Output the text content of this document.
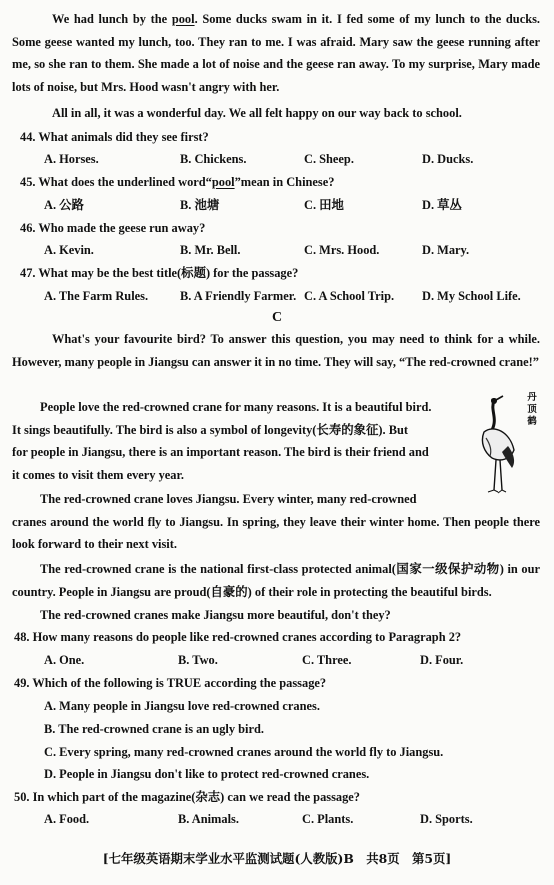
We had lunch by the pool. Some ducks swam in it. I fed some of my lunch to the ducks. Some geese wanted my lunch, too. They ran to me. I was afraid. Mary saw the geese running after me, so she ran to them. She made a lot of noise and the geese ran away. To my surprise, Mary made lots of noise, but Mrs. Hood wasn't angry with her.
All in all, it was a wonderful day. We all felt happy on our way back to school.
44. What animals did they see first?
A. Horses.	B. Chickens.	C. Sheep.	D. Ducks.
45. What does the underlined word“pool”mean in Chinese?
A. 公路	B. 池塘	C. 田地	D. 草丛
46. Who made the geese run away?
A. Kevin.	B. Mr. Bell.	C. Mrs. Hood.	D. Mary.
47. What may be the best title(标题) for the passage?
A. The Farm Rules.	B. A Friendly Farmer. C. A School Trip. D. My School Life.
C
What's your favourite bird? To answer this question, you may need to think for a while. However, many people in Jiangsu can answer it in no time. They will say, “The red-crowned crane!”
People love the red-crowned crane for many reasons. It is a beautiful bird.
It sings beautifully. The bird is also a symbol of longevity(长寿的象征). But
for people in Jiangsu, there is an important reason. The bird is their friend and
it comes to visit them every year.
丹顶鹤
The red-crowned crane loves Jiangsu. Every winter, many red-crowned
cranes around the world fly to Jiangsu. In spring, they leave their winter home. Then people there look forward to their next visit.
The red-crowned crane is the national first-class protected animal(国家一级保护动物) in our country. People in Jiangsu are proud(自豪的) of their role in protecting the beautiful birds.
The red-crowned cranes make Jiangsu more beautiful, don't they?
48. How many reasons do people like red-crowned cranes according to Paragraph 2?
A. One.	B. Two.	C. Three.	D. Four.
49. Which of the following is TRUE according the passage?
A. Many people in Jiangsu love red-crowned cranes.
B. The red-crowned crane is an ugly bird.
C. Every spring, many red-crowned cranes around the world fly to Jiangsu.
D. People in Jiangsu don't like to protect red-crowned cranes.
50. In which part of the magazine(杂志) can we read the passage?
A. Food.	B. Animals.	C. Plants.	D. Sports.
[七年级英语期末学业水平监测试题(人教版)B　共8页　第5页]
